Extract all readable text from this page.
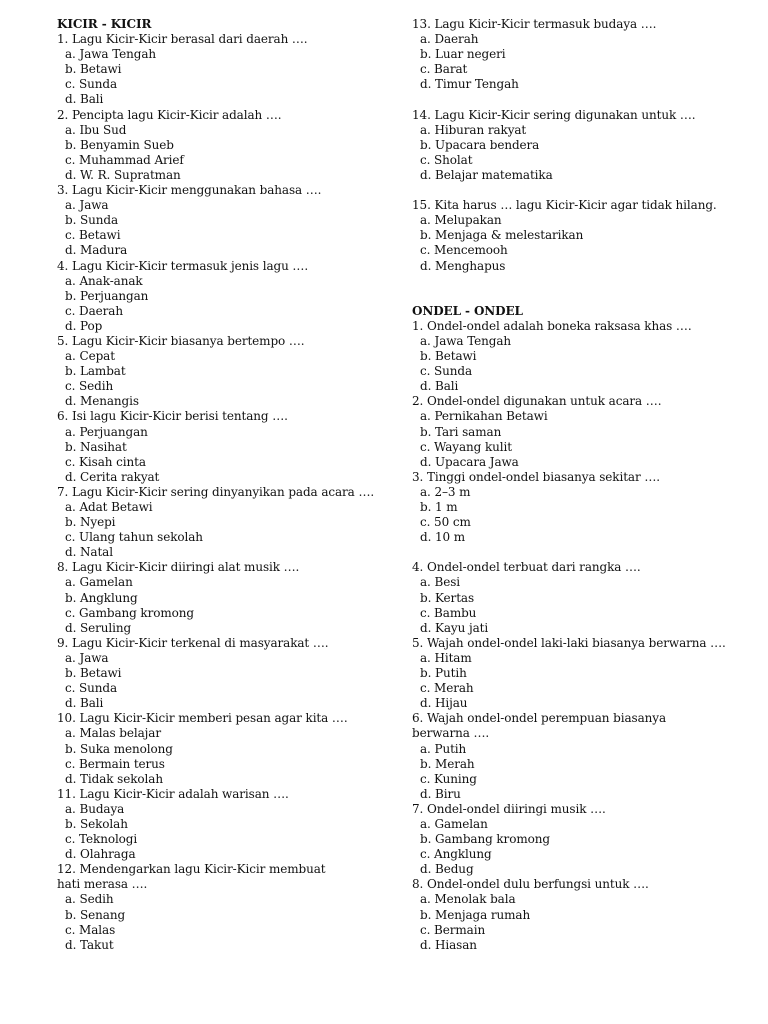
KICIR - KICIR
1. Lagu Kicir-Kicir berasal dari daerah ….
a. Jawa Tengah
b. Betawi
c. Sunda
d. Bali
2. Pencipta lagu Kicir-Kicir adalah ….
a. Ibu Sud
b. Benyamin Sueb
c. Muhammad Arief
d. W. R. Supratman
3. Lagu Kicir-Kicir menggunakan bahasa ….
a. Jawa
b. Sunda
c. Betawi
d. Madura
4. Lagu Kicir-Kicir termasuk jenis lagu ….
a. Anak-anak
b. Perjuangan
c. Daerah
d. Pop
5. Lagu Kicir-Kicir biasanya bertempo ….
a. Cepat
b. Lambat
c. Sedih
d. Menangis
6. Isi lagu Kicir-Kicir berisi tentang ….
a. Perjuangan
b. Nasihat
c. Kisah cinta
d. Cerita rakyat
7. Lagu Kicir-Kicir sering dinyanyikan pada acara ….
a. Adat Betawi
b. Nyepi
c. Ulang tahun sekolah
d. Natal
8. Lagu Kicir-Kicir diiringi alat musik ….
a. Gamelan
b. Angklung
c. Gambang kromong
d. Seruling
9. Lagu Kicir-Kicir terkenal di masyarakat ….
a. Jawa
b. Betawi
c. Sunda
d. Bali
10. Lagu Kicir-Kicir memberi pesan agar kita ….
a. Malas belajar
b. Suka menolong
c. Bermain terus
d. Tidak sekolah
11. Lagu Kicir-Kicir adalah warisan ….
a. Budaya
b. Sekolah
c. Teknologi
d. Olahraga
12. Mendengarkan lagu Kicir-Kicir membuat hati merasa ….
a. Sedih
b. Senang
c. Malas
d. Takut
13. Lagu Kicir-Kicir termasuk budaya ….
a. Daerah
b. Luar negeri
c. Barat
d. Timur Tengah
14. Lagu Kicir-Kicir sering digunakan untuk ….
a. Hiburan rakyat
b. Upacara bendera
c. Sholat
d. Belajar matematika
15. Kita harus … lagu Kicir-Kicir agar tidak hilang.
a. Melupakan
b. Menjaga & melestarikan
c. Mencemooh
d. Menghapus
ONDEL - ONDEL
1. Ondel-ondel adalah boneka raksasa khas ….
a. Jawa Tengah
b. Betawi
c. Sunda
d. Bali
2. Ondel-ondel digunakan untuk acara ….
a. Pernikahan Betawi
b. Tari saman
c. Wayang kulit
d. Upacara Jawa
3. Tinggi ondel-ondel biasanya sekitar ….
a. 2–3 m
b. 1 m
c. 50 cm
d. 10 m
4. Ondel-ondel terbuat dari rangka ….
a. Besi
b. Kertas
c. Bambu
d. Kayu jati
5. Wajah ondel-ondel laki-laki biasanya berwarna ….
a. Hitam
b. Putih
c. Merah
d. Hijau
6. Wajah ondel-ondel perempuan biasanya berwarna ….
a. Putih
b. Merah
c. Kuning
d. Biru
7. Ondel-ondel diiringi musik ….
a. Gamelan
b. Gambang kromong
c. Angklung
d. Bedug
8. Ondel-ondel dulu berfungsi untuk ….
a. Menolak bala
b. Menjaga rumah
c. Bermain
d. Hiasan
